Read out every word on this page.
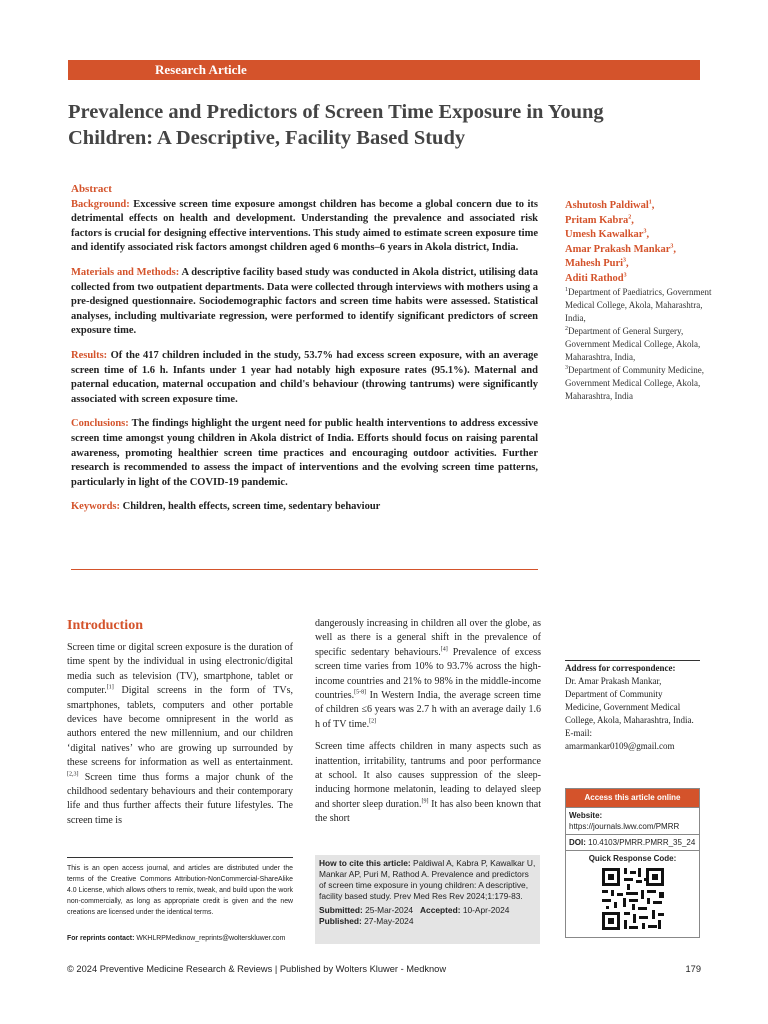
Research Article
Prevalence and Predictors of Screen Time Exposure in Young Children: A Descriptive, Facility Based Study
Abstract

Background: Excessive screen time exposure amongst children has become a global concern due to its detrimental effects on health and development. Understanding the prevalence and associated risk factors is crucial for designing effective interventions. This study aimed to estimate screen exposure time and identify associated risk factors amongst children aged 6 months–6 years in Akola district, India.

Materials and Methods: A descriptive facility based study was conducted in Akola district, utilising data collected from two outpatient departments. Data were collected through interviews with mothers using a pre-designed questionnaire. Sociodemographic factors and screen time habits were assessed. Statistical analyses, including multivariate regression, were performed to identify significant predictors of screen exposure time.

Results: Of the 417 children included in the study, 53.7% had excess screen exposure, with an average screen time of 1.6 h. Infants under 1 year had notably high exposure rates (95.1%). Maternal and paternal education, maternal occupation and child's behaviour (throwing tantrums) were significantly associated with screen exposure time.

Conclusions: The findings highlight the urgent need for public health interventions to address excessive screen time amongst young children in Akola district of India. Efforts should focus on raising parental awareness, promoting healthier screen time practices and encouraging outdoor activities. Further research is recommended to assess the impact of interventions and the evolving screen time patterns, particularly in light of the COVID-19 pandemic.

Keywords: Children, health effects, screen time, sedentary behaviour

Ashutosh Paldiwal$^1$,
Pritam Kabra$^2$,
Umesh Kawalkar$^3$,
Amar Prakash Mankar$^3$,
Mahesh Puri$^3$,
Aditi Rathod$^3$
$^1$Department of Paediatrics, Government Medical College, Akola, Maharashtra, India,
$^2$Department of General Surgery, Government Medical College, Akola, Maharashtra, India,
$^3$Department of Community Medicine, Government Medical College, Akola, Maharashtra, India
Introduction

Screen time or digital screen exposure is the duration of time spent by the individual in using electronic/digital media such as television (TV), smartphone, tablet or computer.[1] Digital screens in the form of TVs, smartphones, tablets, computers and other portable devices have become omnipresent in the world as authors entered the new millennium, and our children ‘digital natives’ who are growing up surrounded by these screens for information as well as entertainment.[2,3] Screen time thus forms a major chunk of the childhood sedentary behaviours and their contemporary life and thus further affects their future lifestyles. The screen time is

dangerously increasing in children all over the globe, as well as there is a general shift in the prevalence of specific sedentary behaviours.[4] Prevalence of excess screen time varies from 10% to 93.7% across the high-income countries and 21% to 98% in the middle-income countries.[5-8] In Western India, the average screen time of children ≤6 years was 2.7 h with an average daily 1.6 h of TV time.[2]

Screen time affects children in many aspects such as inattention, irritability, tantrums and poor performance at school. It also causes suppression of the sleep-inducing hormone melatonin, leading to delayed sleep and shorter sleep duration.[9] It has also been known that the short

This is an open access journal, and articles are distributed under the terms of the Creative Commons Attribution-NonCommercial-ShareAlike 4.0 License, which allows others to remix, tweak, and build upon the work non-commercially, as long as appropriate credit is given and the new creations are licensed under the identical terms.
For reprints contact: WKHLRPMedknow_reprints@wolterskluwer.com
How to cite this article: Paldiwal A, Kabra P, Kawalkar U, Mankar AP, Puri M, Rathod A. Prevalence and predictors of screen time exposure in young children: A descriptive, facility based study. Prev Med Res Rev 2024;1:179-83.
Submitted: 25-Mar-2024 Accepted: 10-Apr-2024
Published: 27-May-2024
Address for correspondence:
Dr. Amar Prakash Mankar, Department of Community Medicine, Government Medical College, Akola, Maharashtra, India.
E-mail: amarmankar0109@gmail.com
Access this article online
Website: https://journals.lww.com/PMRR
DOI: 10.4103/PMRR.PMRR_35_24
Quick Response Code:
© 2024 Preventive Medicine Research & Reviews | Published by Wolters Kluwer - Medknow	179
